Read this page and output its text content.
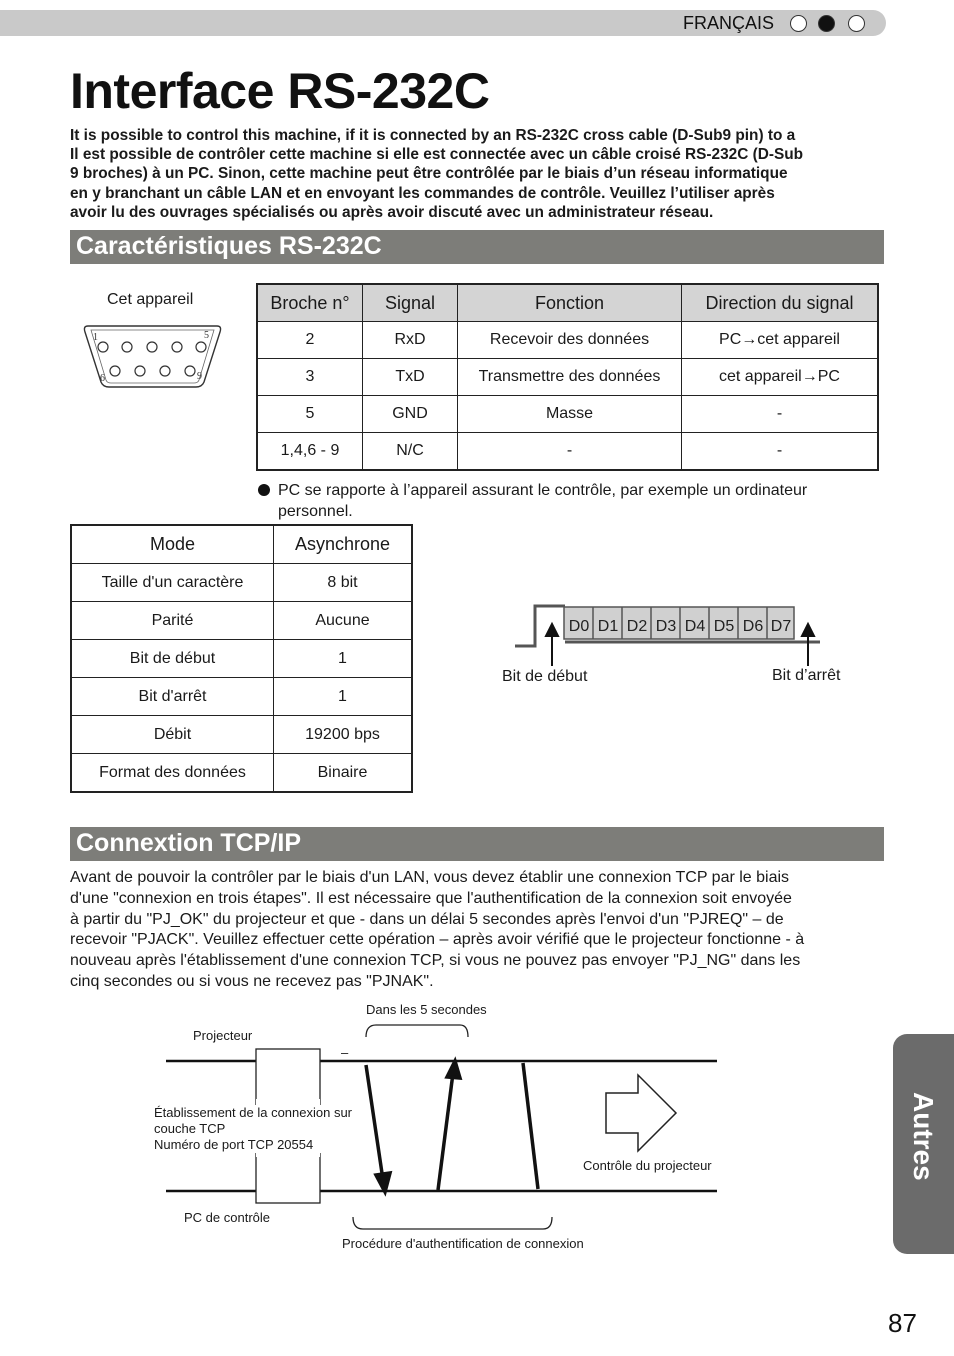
FRANÇAIS
Interface RS-232C
It is possible to control this machine, if it is connected by an RS-232C cross cable (D-Sub9 pin) to a
Il est possible de contrôler cette machine si elle est connectée avec un câble croisé RS-232C (D-Sub
9 broches) à un PC. Sinon, cette machine peut être contrôlée par le biais d’un réseau informatique
en y branchant un câble LAN et en envoyant les commandes de contrôle. Veuillez l’utiliser après
avoir lu des ouvrages spécialisés ou après avoir discuté avec un administrateur réseau.
Caractéristiques RS-232C
Cet appareil
1	5
6	9
Broche n°	Signal	Fonction	Direction du signal
2	RxD	Recevoir des données	PC→cet appareil
3	TxD	Transmettre des données	cet appareil→PC
5	GND	Masse	-
1,4,6 - 9	N/C	-	-
PC se rapporte à l’appareil assurant le contrôle, par exemple un ordinateur personnel.
Mode	Asynchrone
Taille d'un caractère	8 bit
Parité	Aucune
Bit de début	1
Bit d'arrêt	1
Débit	19200 bps
Format des données	Binaire
D0 D1 D2 D3 D4 D5 D6 D7
Bit de début	Bit d’arrêt
Connextion TCP/IP
Avant de pouvoir la contrôler par le biais d'un LAN, vous devez établir une connexion TCP par le biais
d'une "connexion en trois étapes". Il est nécessaire que l'authentification de la connexion soit envoyée
à partir du "PJ_OK" du projecteur et que - dans un délai 5 secondes après l'envoi d'un "PJREQ" – de
recevoir "PJACK". Veuillez effectuer cette opération – après avoir vérifié que le projecteur fonctionne - à
nouveau après l'établissement d'une connexion TCP, si vous ne pouvez pas envoyer "PJ_NG" dans les
cinq secondes ou si vous ne recevez pas "PJNAK".
Dans les 5 secondes
Projecteur
–
Établissement de la connexion sur
couche TCP
Numéro de port TCP 20554
Contrôle du projecteur
PC de contrôle
Procédure d'authentification de connexion
Autres
87
